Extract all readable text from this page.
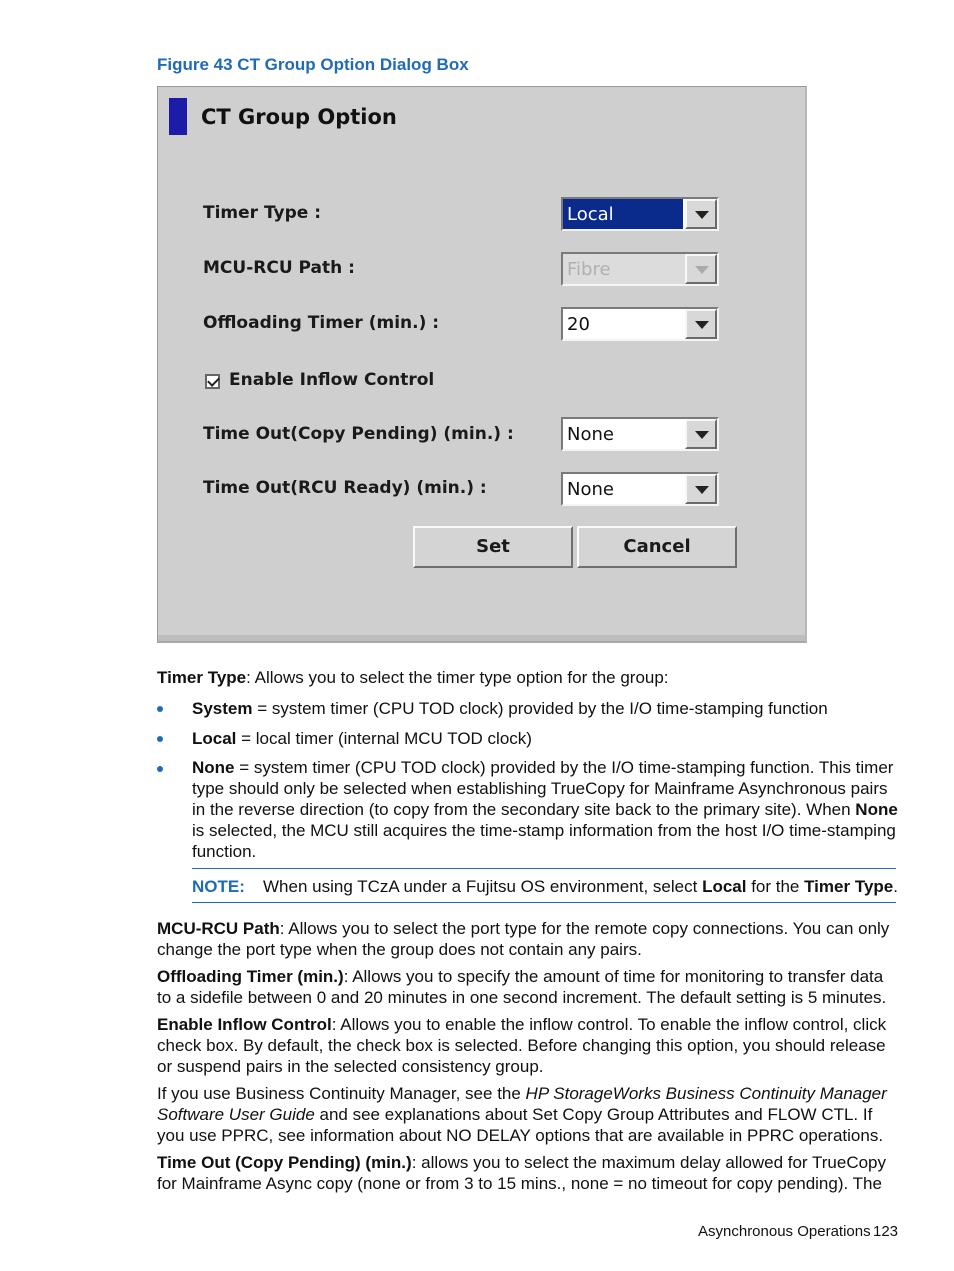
Figure 43 CT Group Option Dialog Box
CT Group Option
Timer Type :	Local
MCU-RCU Path :	Fibre
Offloading Timer (min.) :	20
Enable Inflow Control
Time Out(Copy Pending) (min.) :	None
Time Out(RCU Ready) (min.) :	None
Set	Cancel
Timer Type: Allows you to select the timer type option for the group:
System = system timer (CPU TOD clock) provided by the I/O time-stamping function
Local = local timer (internal MCU TOD clock)
None = system timer (CPU TOD clock) provided by the I/O time-stamping function. This timer type should only be selected when establishing TrueCopy for Mainframe Asynchronous pairs in the reverse direction (to copy from the secondary site back to the primary site). When None is selected, the MCU still acquires the time-stamp information from the host I/O time-stamping function.
NOTE: When using TCzA under a Fujitsu OS environment, select Local for the Timer Type.
MCU-RCU Path: Allows you to select the port type for the remote copy connections. You can only change the port type when the group does not contain any pairs.
Offloading Timer (min.): Allows you to specify the amount of time for monitoring to transfer data to a sidefile between 0 and 20 minutes in one second increment. The default setting is 5 minutes.
Enable Inflow Control: Allows you to enable the inflow control. To enable the inflow control, click check box. By default, the check box is selected. Before changing this option, you should release or suspend pairs in the selected consistency group.
If you use Business Continuity Manager, see the HP StorageWorks Business Continuity Manager Software User Guide and see explanations about Set Copy Group Attributes and FLOW CTL. If you use PPRC, see information about NO DELAY options that are available in PPRC operations.
Time Out (Copy Pending) (min.): allows you to select the maximum delay allowed for TrueCopy for Mainframe Async copy (none or from 3 to 15 mins., none = no timeout for copy pending). The
Asynchronous Operations 123
